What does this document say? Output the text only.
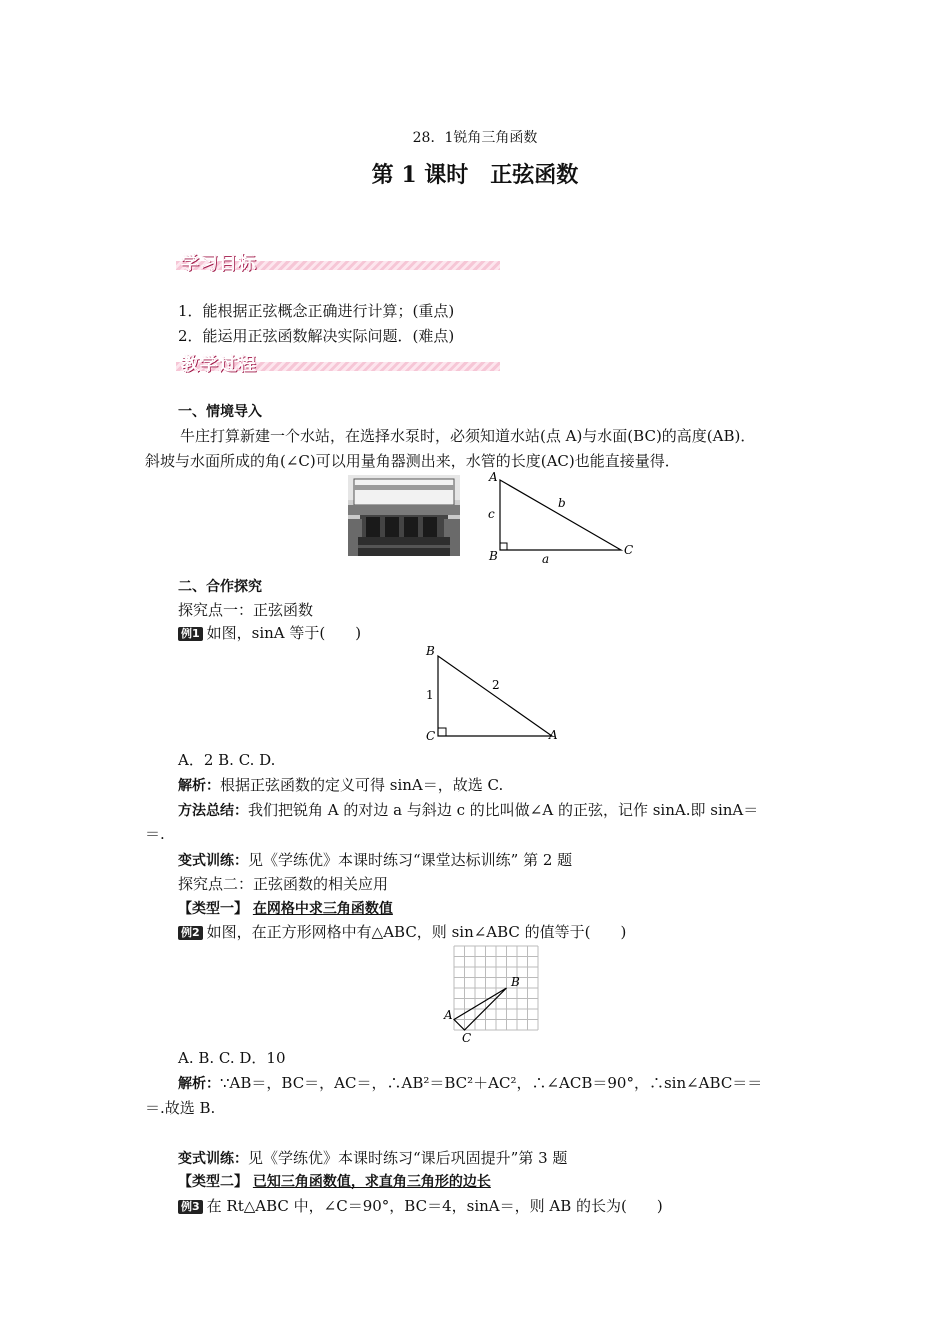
28．1锐角三角函数
第 1 课时　正弦函数
学习目标
1．能根据正弦概念正确进行计算；(重点)
2．能运用正弦函数解决实际问题．(难点)
教学过程
一、情境导入
牛庄打算新建一个水站，在选择水泵时，必须知道水站(点 A)与水面(BC)的高度(AB)．
斜坡与水面所成的角(∠C)可以用量角器测出来，水管的长度(AC)也能直接量得．
A
B	C
a
b
c
二、合作探究
探究点一：正弦函数
例1 如图，sinA 等于(　　)
B
C	A
1
2
A．2 B. C. D.
解析：根据正弦函数的定义可得 sinA＝，故选 C.
方法总结：我们把锐角 A 的对边 a 与斜边 c 的比叫做∠A 的正弦，记作 sinA.即 sinA＝
＝.
变式训练：见《学练优》本课时练习“课堂达标训练” 第 2 题
探究点二：正弦函数的相关应用
【类型一】 在网格中求三角函数值
例2 如图，在正方形网格中有△ABC，则 sin∠ABC 的值等于(　　)
A
B
C
A. B. C. D．10
解析：∵AB＝，BC＝，AC＝，∴AB²＝BC²＋AC²，∴∠ACB＝90°，∴sin∠ABC＝＝
＝.故选 B.
变式训练：见《学练优》本课时练习“课后巩固提升”第 3 题
【类型二】 已知三角函数值，求直角三角形的边长
例3 在 Rt△ABC 中，∠C＝90°，BC＝4，sinA＝，则 AB 的长为(　　)
